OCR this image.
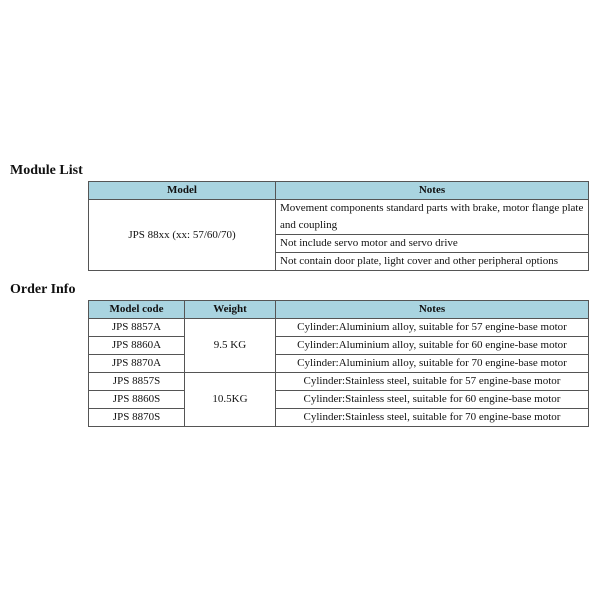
Module List
Model	Notes
JPS 88xx (xx: 57/60/70)	Movement components standard parts with brake, motor flange plate and coupling
	Not include servo motor and servo drive
	Not contain door plate, light cover and other peripheral options
Order Info
Model code	Weight	Notes
JPS 8857A	9.5 KG	Cylinder:Aluminium alloy, suitable for 57 engine-base motor
JPS 8860A		Cylinder:Aluminium alloy, suitable for 60 engine-base motor
JPS 8870A		Cylinder:Aluminium alloy, suitable for 70 engine-base motor
JPS 8857S	10.5KG	Cylinder:Stainless steel, suitable for 57 engine-base motor
JPS 8860S		Cylinder:Stainless steel, suitable for 60 engine-base motor
JPS 8870S		Cylinder:Stainless steel, suitable for 70 engine-base motor
